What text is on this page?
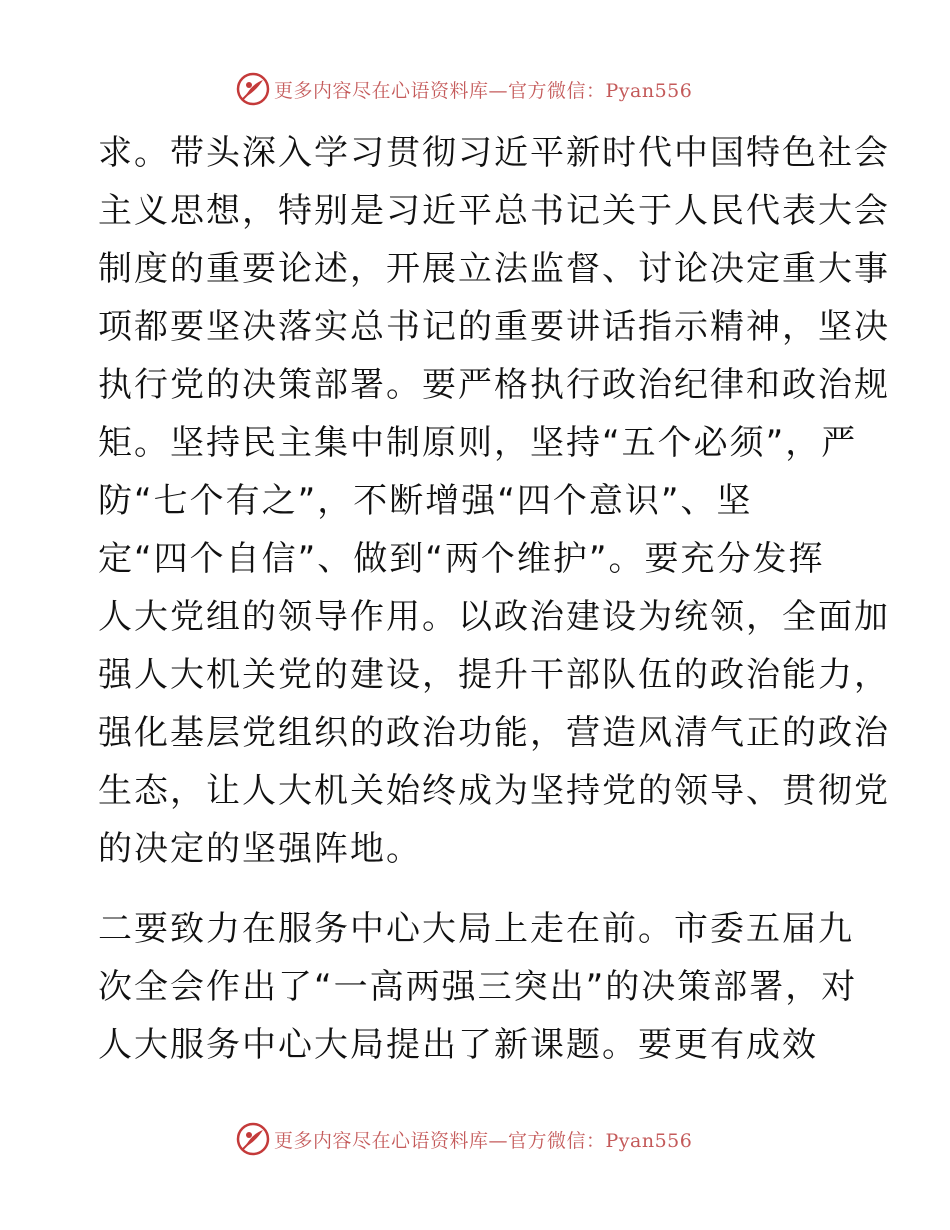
更多内容尽在心语资料库—官方微信：Pyan556
求。带头深入学习贯彻习近平新时代中国特色社会
主义思想，特别是习近平总书记关于人民代表大会
制度的重要论述，开展立法监督、讨论决定重大事
项都要坚决落实总书记的重要讲话指示精神，坚决
执行党的决策部署。要严格执行政治纪律和政治规
矩。坚持民主集中制原则，坚持“五个必须”，严
防“七个有之”，不断增强“四个意识”、坚
定“四个自信”、做到“两个维护”。要充分发挥
人大党组的领导作用。以政治建设为统领，全面加
强人大机关党的建设，提升干部队伍的政治能力，
强化基层党组织的政治功能，营造风清气正的政治
生态，让人大机关始终成为坚持党的领导、贯彻党
的决定的坚强阵地。
二要致力在服务中心大局上走在前。市委五届九
次全会作出了“一高两强三突出”的决策部署，对
人大服务中心大局提出了新课题。要更有成效
更多内容尽在心语资料库—官方微信：Pyan556
